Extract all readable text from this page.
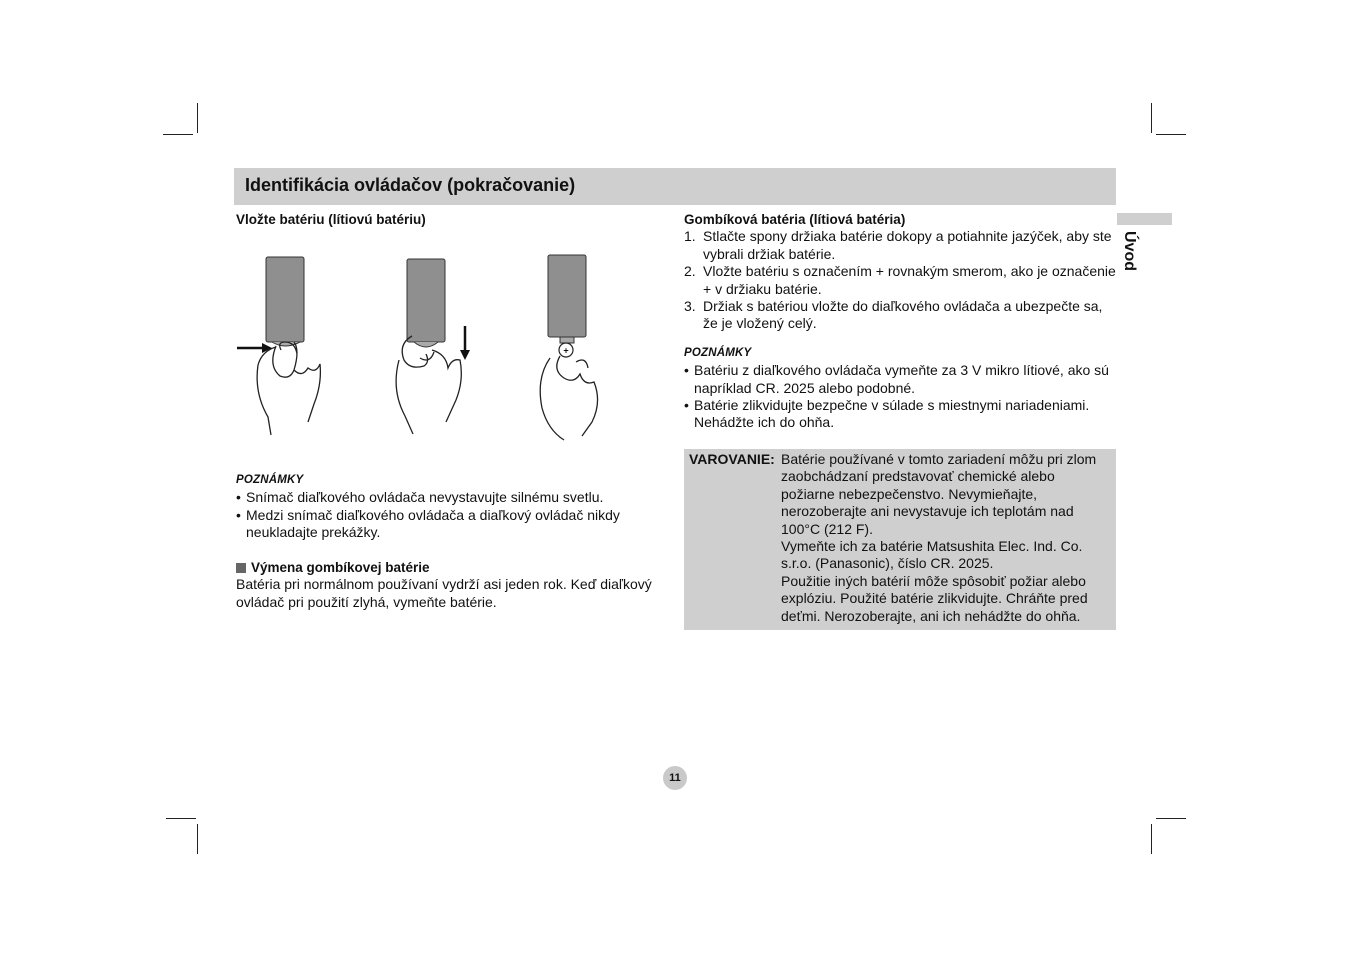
Identifikácia ovládačov (pokračovanie)
Úvod

Vložte batériu (lítiovú batériu)

+

POZNÁMKY

• Snímač diaľkového ovládača nevystavujte silnému svetlu.
• Medzi snímač diaľkového ovládača a diaľkový ovládač nikdy neukladajte prekážky.

Výmena gombíkovej batérie

Batéria pri normálnom používaní vydrží asi jeden rok. Keď diaľkový ovládač pri použití zlyhá, vymeňte batérie.

Gombíková batéria (lítiová batéria)

1. Stlačte spony držiaka batérie dokopy a potiahnite jazýček, aby ste vybrali držiak batérie.
2. Vložte batériu s označením + rovnakým smerom, ako je označenie + v držiaku batérie.
3. Držiak s batériou vložte do diaľkového ovládača a ubezpečte sa, že je vložený celý.

POZNÁMKY

• Batériu z diaľkového ovládača vymeňte za 3 V mikro lítiové, ako sú napríklad CR. 2025 alebo podobné.
• Batérie zlikvidujte bezpečne v súlade s miestnymi nariadeniami. Nehádžte ich do ohňa.
VAROVANIE: Batérie používané v tomto zariadení môžu pri zlom zaobchádzaní predstavovať chemické alebo požiarne nebezpečenstvo. Nevymieňajte, nerozoberajte ani nevystavuje ich teplotám nad 100°C (212 F).

Vymeňte ich za batérie Matsushita Elec. Ind. Co. s.r.o. (Panasonic), číslo CR. 2025.

Použitie iných batérií môže spôsobiť požiar alebo explóziu. Použité batérie zlikvidujte. Chráňte pred deťmi. Nerozoberajte, ani ich nehádžte do ohňa.

11
